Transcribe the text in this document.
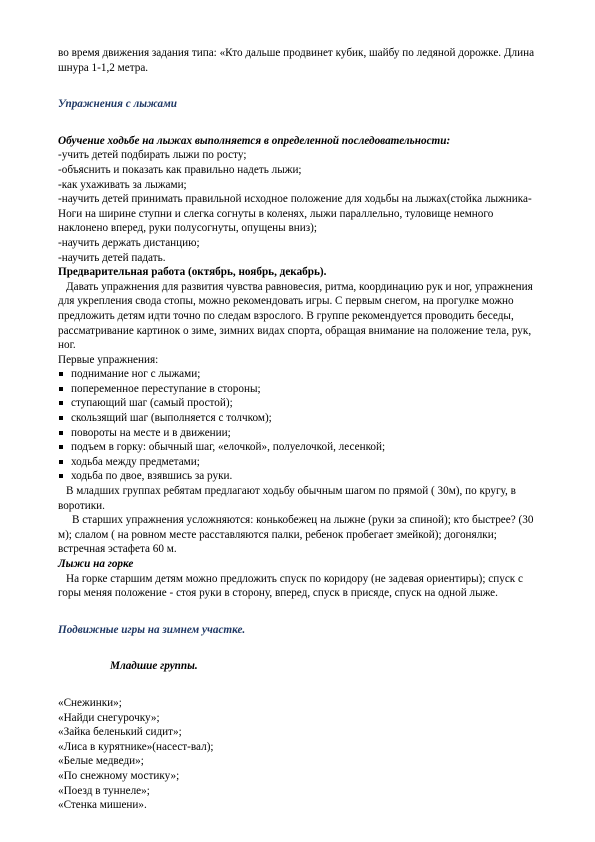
во время движения задания типа: «Кто дальше продвинет кубик, шайбу по ледяной дорожке. Длина

шнура 1-1,2 метра.

Упражнения с лыжами

Обучение ходьбе на лыжах выполняется в определенной последовательности:

-учить детей подбирать лыжи по росту;

-объяснить и показать как правильно надеть лыжи;

-как ухаживать за лыжами;

-научить детей принимать правильной исходное положение для ходьбы на лыжах(стойка лыжника-

Ноги на ширине ступни и слегка согнуты в коленях, лыжи параллельно, туловище немного

наклонено вперед, руки полусогнуты, опущены вниз);

-научить держать дистанцию;

-научить детей падать.

Предварительная работа (октябрь, ноябрь, декабрь).

Давать упражнения для развития чувства равновесия, ритма, координацию рук и ног, упражнения

для укрепления свода стопы, можно рекомендовать игры. С первым снегом, на прогулке можно

предложить детям идти точно по следам взрослого. В группе рекомендуется проводить беседы,

рассматривание картинок о зиме, зимних видах спорта, обращая внимание на положение тела, рук,

ног.

Первые упражнения:

поднимание ног с лыжами;
попеременное переступание в стороны;
ступающий шаг (самый простой);
скользящий шаг (выполняется с толчком);
повороты на месте и в движении;
подъем в горку: обычный шаг, «елочкой», полуелочкой, лесенкой;
ходьба между предметами;
ходьба по двое, взявшись за руки.

В младших группах ребятам предлагают ходьбу обычным шагом по прямой ( 30м), по кругу, в

воротики.

В старших упражнения усложняются: конькобежец на лыжне (руки за спиной); кто быстрее? (30

м); слалом ( на ровном месте расставляются палки, ребенок пробегает змейкой); догонялки;

встречная эстафета 60 м.

Лыжи на горке

На горке старшим детям можно предложить спуск по коридору (не задевая ориентиры); спуск с

горы меняя положение - стоя руки в сторону, вперед, спуск в присяде, спуск на одной лыже.

Подвижные игры на зимнем участке.

Младшие группы.

«Снежинки»;

«Найди снегурочку»;

«Зайка беленький сидит»;

«Лиса в курятнике»(насест-вал);

«Белые медведи»;

«По снежному мостику»;

«Поезд в туннеле»;

«Стенка мишени».
